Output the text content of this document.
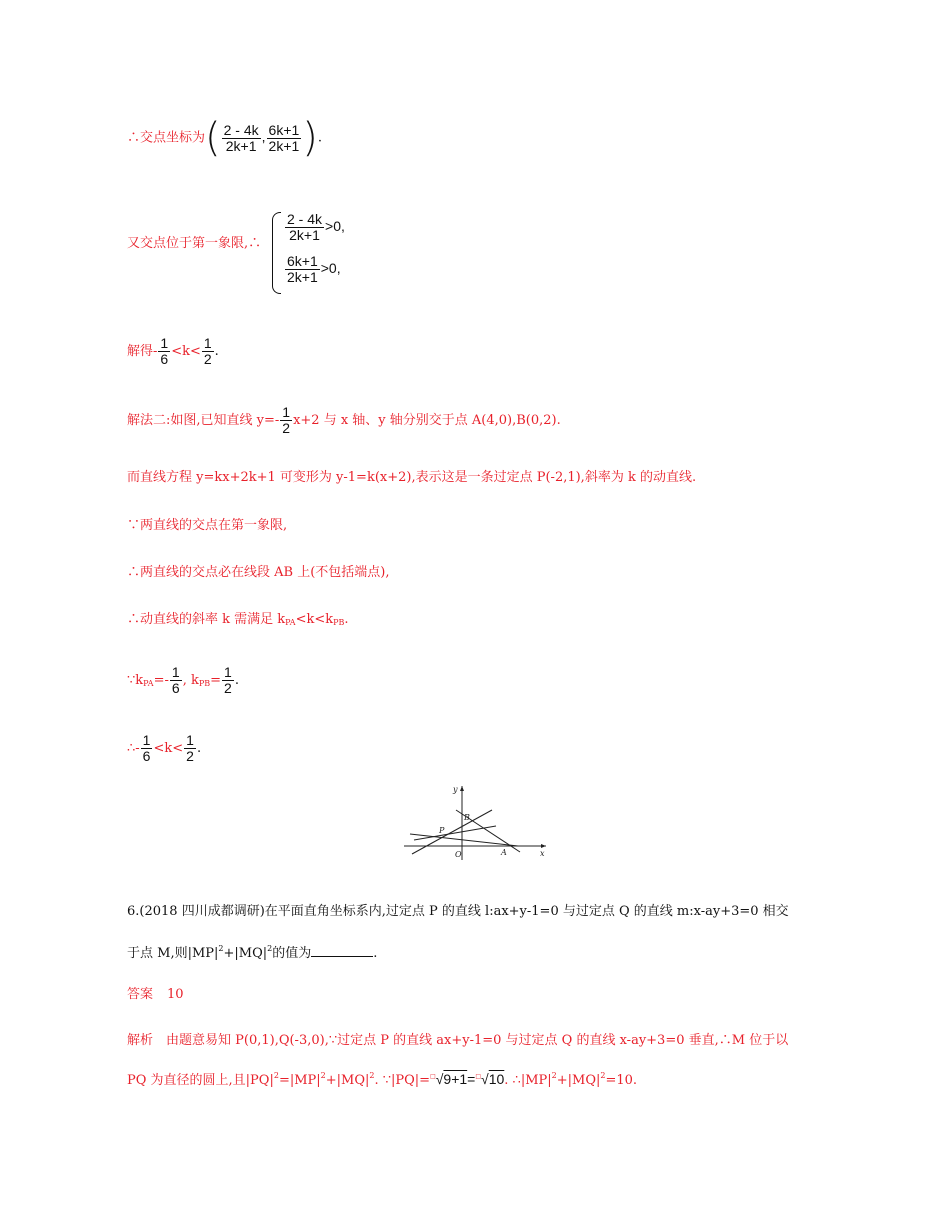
∴交点坐标为( $\frac{2 - 4k}{2k+1}$ , $\frac{6k+1}{2k+1}$ ).
又交点位于第一象限,∴
$\frac{2 - 4k}{2k+1} >0$,
$\frac{6k+1}{2k+1} >0$,
解得- $\frac{1}{6} <k< \frac{1}{2}$ .
解法二:如图,已知直线 $y=- \frac{1}{2} x+2$ 与 x 轴、y 轴分别交于点 A(4,0),B(0,2).
而直线方程 y=kx+2k+1 可变形为 y-1=k(x+2),表示这是一条过定点 P(-2,1),斜率为 k 的动直线.
∵两直线的交点在第一象限,
∴两直线的交点必在线段 AB 上(不包括端点),
∴动直线的斜率 k 需满足 $k_{PA}<k<k_{PB}$.
$\because k_{PA}=- \frac{1}{6}$ , $k_{PB}= \frac{1}{2}$ .
∴- $\frac{1}{6} <k< \frac{1}{2}$ .
y
x
O	A
B
P
6.(2018 四川成都调研)在平面直角坐标系内,过定点 P 的直线 l:ax+y-1=0 与过定点 Q 的直线 m:x-ay+3=0 相交
于点 M,则$|MP|^2+|MQ|^2$的值为	.
答案 10
解析　由题意易知 P(0,1),Q(-3,0),∵过定点 P 的直线 ax+y-1=0 与过定点 Q 的直线 x-ay+3=0 垂直,∴M 位于以
PQ 为直径的圆上,且$|PQ|^2=|MP|^2+|MQ|^2$. ∵|PQ|=□√9+1=□√10. $\therefore|MP|^2+|MQ|^2=10$.
